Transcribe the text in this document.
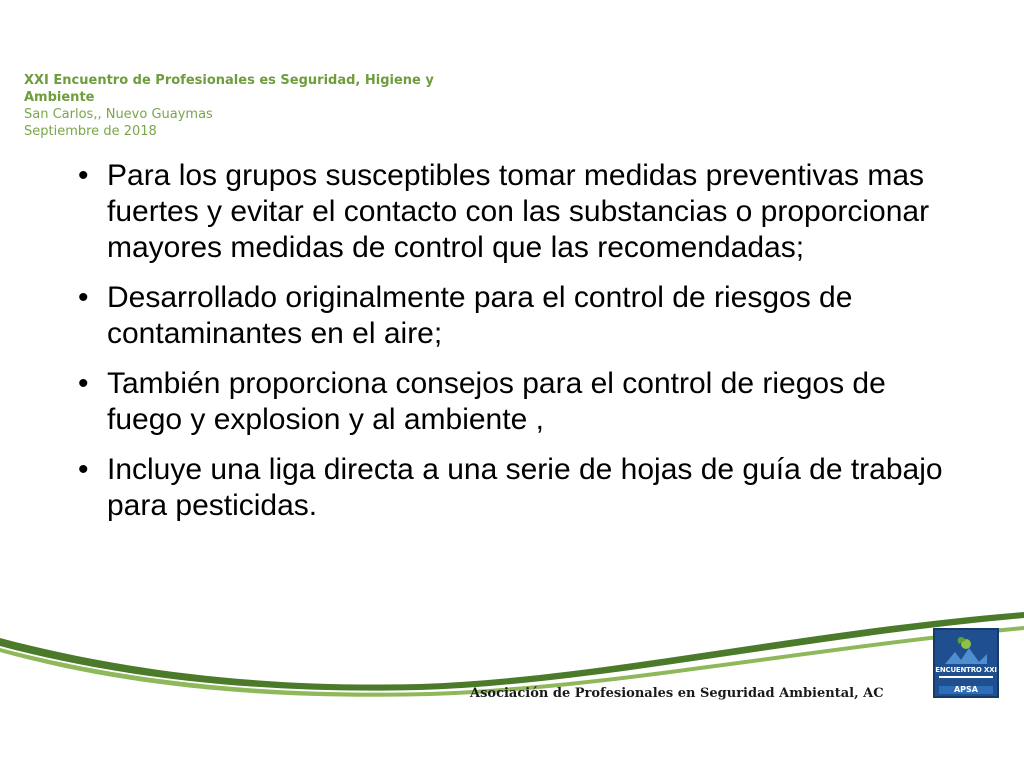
XXI Encuentro de Profesionales es Seguridad, Higiene y
Ambiente
San Carlos,, Nuevo Guaymas
Septiembre de 2018
• Para los grupos susceptibles tomar medidas preventivas mas fuertes y evitar el contacto con las substancias o proporcionar mayores medidas de control que las recomendadas;
• Desarrollado originalmente para el control de riesgos de contaminantes en el aire;
• También proporciona consejos para el control de riegos de fuego y explosion y al ambiente ,
• Incluye una liga directa a una serie de hojas de guía de trabajo para pesticidas.
Asociación de Profesionales en Seguridad Ambiental, AC
ENCUENTRO XXI
APSA
